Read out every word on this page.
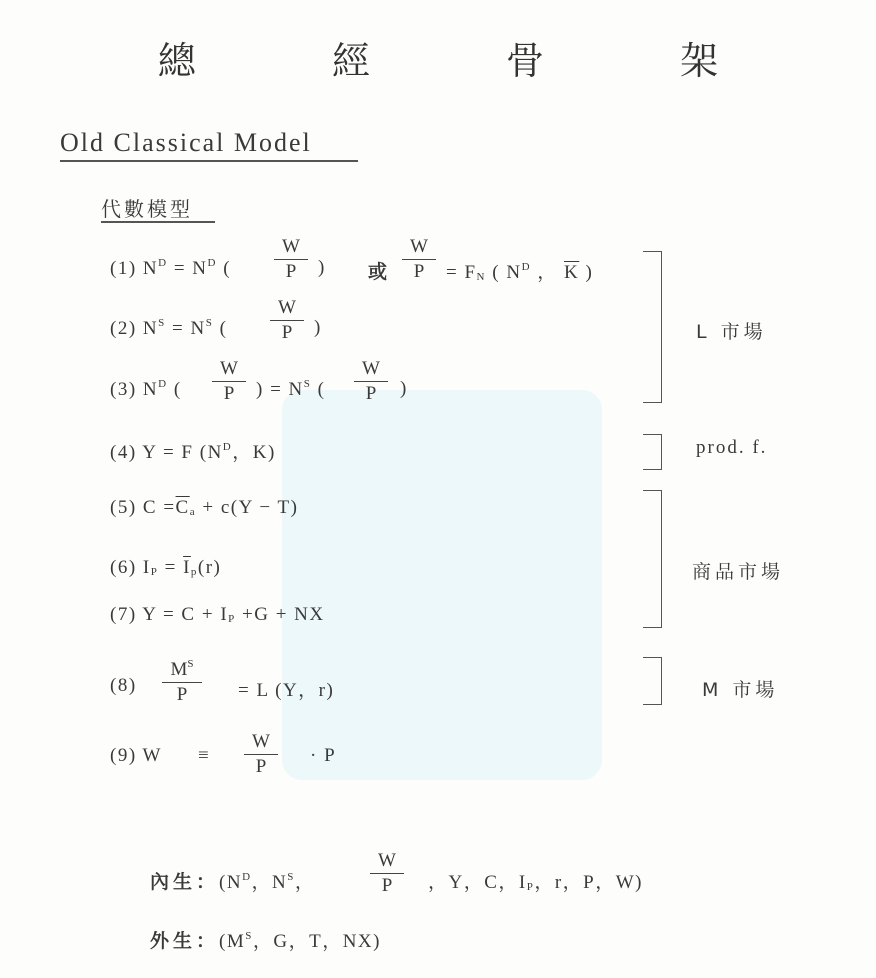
總 經 骨 架
Old Classical Model
代數模型
(1) $N^D = N^D$ (
W
P	) 或
W
P	= $F_N$ ( $N^D$ ， $\overline{K}$ )
(2) $N^S = N^S$ (
W
P	)
(3) $N^D$ (
W
P	) = $N^S$ (
W
P	)
(4) Y = F ($N^D$，K)
(5) $C =\overline{C}_a + c(Y - T)$
(6) $I_P = \overline{I}_p(r)$
(7) $Y = C + I_P +G$ + NX
(8)
$M^S$
P	= L (Y，r)
(9) W ≡
W
P
· P
L 市場
prod. f.
商品市場
M 市場
內生：($N^D$，$N^S$，
W
P	，Y，C，$I_P$，r，P，W)
外生：($M^S$，G，T，NX)
